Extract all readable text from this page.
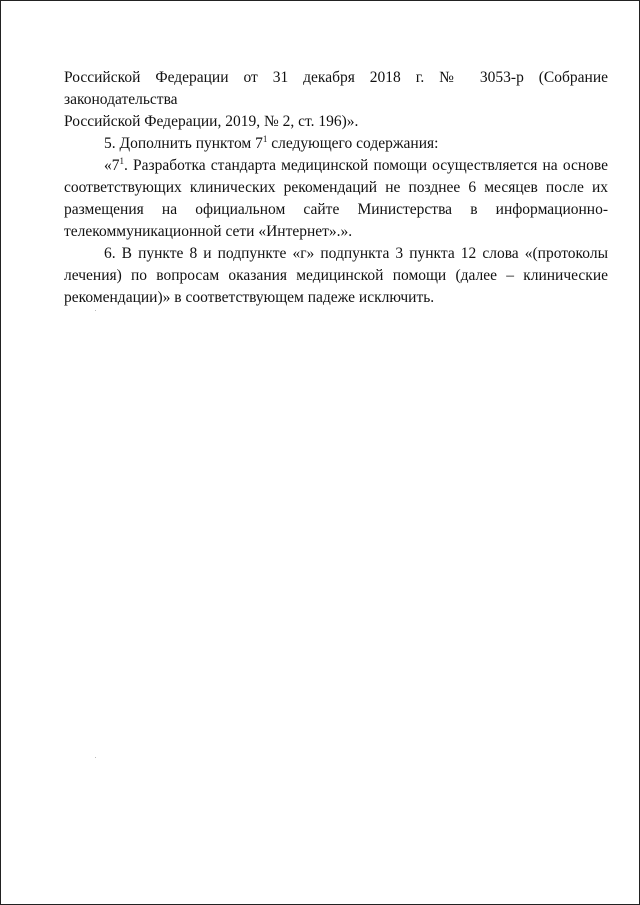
Российской Федерации от 31 декабря 2018 г. № 3053-р (Собрание законодательства
Российской Федерации, 2019, № 2, ст. 196)».
5. Дополнить пунктом $7^1$ следующего содержания:
«$7^1$. Разработка стандарта медицинской помощи осуществляется на основе
соответствующих клинических рекомендаций не позднее 6 месяцев после их
размещения на официальном сайте Министерства в информационно-
телекоммуникационной сети «Интернет».».
6. В пункте 8 и подпункте «г» подпункта 3 пункта 12 слова «(протоколы
лечения) по вопросам оказания медицинской помощи (далее – клинические
рекомендации)» в соответствующем падеже исключить.
